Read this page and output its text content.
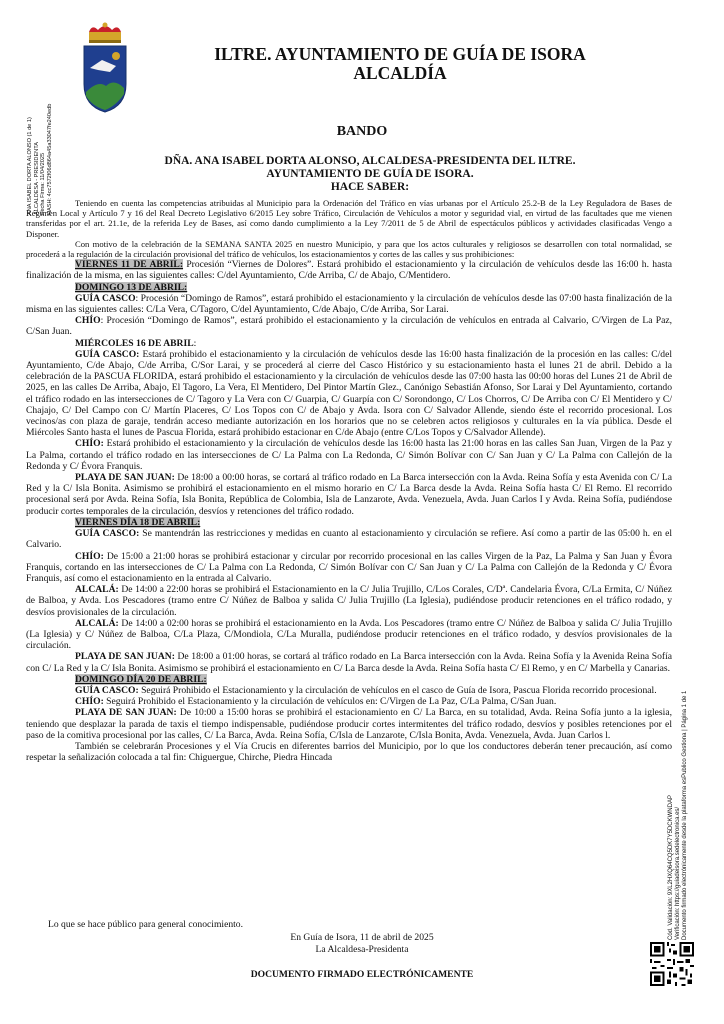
ILTRE. AYUNTAMIENTO DE GUÍA DE ISORA
ALCALDÍA
BANDO
DÑA. ANA ISABEL DORTA ALONSO, ALCALDESA-PRESIDENTA DEL ILTRE.
AYUNTAMIENTO DE GUÍA DE ISORA.
HACE SABER:
ANA ISABEL DORTA ALONSO (1 de 1) ALCALDESA - PRESIDENTA Fecha Firma: 11/04/2025 HASH: 4cc7572f06d864a45a33047fe240edb
Cód. Validación: 9XL2HXQ64CQ5DK7Y5DCKWNDAP Verificación: https://guiadeisora.sedelectronica.es/ Documento firmado electrónicamente desde la plataforma esPublico Gestiona | Página 1 de 1

Teniendo en cuenta las competencias atribuidas al Municipio para la Ordenación del Tráfico en vías urbanas por el Artículo 25.2-B de la Ley Reguladora de Bases de Régimen Local y Artículo 7 y 16 del Real Decreto Legislativo 6/2015 Ley sobre Tráfico, Circulación de Vehículos a motor y seguridad vial, en virtud de las facultades que me vienen transferidas por el art. 21.1e, de la referida Ley de Bases, así como dando cumplimiento a la Ley 7/2011 de 5 de Abril de espectáculos públicos y actividades clasificadas Vengo a Disponer.

Con motivo de la celebración de la SEMANA SANTA 2025 en nuestro Municipio, y para que los actos culturales y religiosos se desarrollen con total normalidad, se procederá a la regulación de la circulación provisional del tráfico de vehículos, los estacionamientos y cortes de las calles y sus prohibiciones:

VIERNES 11 DE ABRIL: Procesión “Viernes de Dolores”. Estará prohibido el estacionamiento y la circulación de vehículos desde las 16:00 h. hasta finalización de la misma, en las siguientes calles: C/del Ayuntamiento, C/de Arriba, C/ de Abajo, C/Mentidero.

DOMINGO 13 DE ABRIL:

GUÍA CASCO: Procesión “Domingo de Ramos”, estará prohibido el estacionamiento y la circulación de vehículos desde las 07:00 hasta finalización de la misma en las siguientes calles: C/La Vera, C/Tagoro, C/del Ayuntamiento, C/de Abajo, C/de Arriba, Sor Larai.

CHÍO: Procesión “Domingo de Ramos”, estará prohibido el estacionamiento y la circulación de vehículos en entrada al Calvario, C/Virgen de La Paz, C/San Juan.

MIÉRCOLES 16 DE ABRIL:

GUÍA CASCO: Estará prohibido el estacionamiento y la circulación de vehículos desde las 16:00 hasta finalización de la procesión en las calles: C/del Ayuntamiento, C/de Abajo, C/de Arriba, C/Sor Larai, y se procederá al cierre del Casco Histórico y su estacionamiento hasta el lunes 21 de abril. Debido a la celebración de la PASCUA FLORIDA, estará prohibido el estacionamiento y la circulación de vehículos desde las 07:00 hasta las 00:00 horas del Lunes 21 de Abril de 2025, en las calles De Arriba, Abajo, El Tagoro, La Vera, El Mentidero, Del Pintor Martín Glez., Canónigo Sebastián Afonso, Sor Larai y Del Ayuntamiento, cortando el tráfico rodado en las intersecciones de C/ Tagoro y La Vera con C/ Guarpia, C/ Guarpía con C/ Sorondongo, C/ Los Chorros, C/ De Arriba con C/ El Mentidero y C/ Chajajo, C/ Del Campo con C/ Martín Placeres, C/ Los Topos con C/ de Abajo y Avda. Isora con C/ Salvador Allende, siendo éste el recorrido procesional. Los vecinos/as con plaza de garaje, tendrán acceso mediante autorización en los horarios que no se celebren actos religiosos y culturales en la vía pública. Desde el Miércoles Santo hasta el lunes de Pascua Florida, estará prohibido estacionar en C/de Abajo (entre C/Los Topos y C/Salvador Allende).

CHÍO: Estará prohibido el estacionamiento y la circulación de vehículos desde las 16:00 hasta las 21:00 horas en las calles San Juan, Virgen de la Paz y La Palma, cortando el tráfico rodado en las intersecciones de C/ La Palma con La Redonda, C/ Simón Bolívar con C/ San Juan y C/ La Palma con Callejón de la Redonda y C/ Évora Franquis.

PLAYA DE SAN JUAN: De 18:00 a 00:00 horas, se cortará al tráfico rodado en La Barca intersección con la Avda. Reina Sofía y esta Avenida con C/ La Red y la C/ Isla Bonita. Asimismo se prohibirá el estacionamiento en el mismo horario en C/ La Barca desde la Avda. Reina Sofía hasta C/ El Remo. El recorrido procesional será por Avda. Reina Sofía, Isla Bonita, República de Colombia, Isla de Lanzarote, Avda. Venezuela, Avda. Juan Carlos I y Avda. Reina Sofía, pudiéndose producir cortes temporales de la circulación, desvíos y retenciones del tráfico rodado.

VIERNES DÍA 18 DE ABRIL:

GUÍA CASCO: Se mantendrán las restricciones y medidas en cuanto al estacionamiento y circulación se refiere. Así como a partir de las 05:00 h. en el Calvario.

CHÍO: De 15:00 a 21:00 horas se prohibirá estacionar y circular por recorrido procesional en las calles Virgen de la Paz, La Palma y San Juan y Évora Franquis, cortando en las intersecciones de C/ La Palma con La Redonda, C/ Simón Bolívar con C/ San Juan y C/ La Palma con Callejón de la Redonda y C/ Évora Franquis, así como el estacionamiento en la entrada al Calvario.

ALCALÁ: De 14:00 a 22:00 horas se prohibirá el Estacionamiento en la C/ Julia Trujillo, C/Los Corales, C/Dª. Candelaria Évora, C/La Ermita, C/ Núñez de Balboa, y Avda. Los Pescadores (tramo entre C/ Núñez de Balboa y salida C/ Julia Trujillo (La Iglesia), pudiéndose producir retenciones en el tráfico rodado, y desvíos provisionales de la circulación.

ALCALÁ: De 14:00 a 02:00 horas se prohibirá el estacionamiento en la Avda. Los Pescadores (tramo entre C/ Núñez de Balboa y salida C/ Julia Trujillo (La Iglesia) y C/ Núñez de Balboa, C/La Plaza, C/Mondiola, C/La Muralla, pudiéndose producir retenciones en el tráfico rodado, y desvíos provisionales de la circulación.

PLAYA DE SAN JUAN: De 18:00 a 01:00 horas, se cortará al tráfico rodado en La Barca intersección con la Avda. Reina Sofía y la Avenida Reina Sofía con C/ La Red y la C/ Isla Bonita. Asimismo se prohibirá el estacionamiento en C/ La Barca desde la Avda. Reina Sofía hasta C/ El Remo, y en C/ Marbella y Canarias.

DOMINGO DÍA 20 DE ABRIL:

GUÍA CASCO: Seguirá Prohibido el Estacionamiento y la circulación de vehículos en el casco de Guía de Isora, Pascua Florida recorrido procesional.

CHÍO: Seguirá Prohibido el Estacionamiento y la circulación de vehículos en: C/Virgen de La Paz, C/La Palma, C/San Juan.

PLAYA DE SAN JUAN: De 10:00 a 15:00 horas se prohibirá el estacionamiento en C/ La Barca, en su totalidad, Avda. Reina Sofía junto a la iglesia, teniendo que desplazar la parada de taxis el tiempo indispensable, pudiéndose producir cortes intermitentes del tráfico rodado, desvíos y posibles retenciones por el paso de la comitiva procesional por las calles, C/ La Barca, Avda. Reina Sofía, C/Isla de Lanzarote, C/Isla Bonita, Avda. Venezuela, Avda. Juan Carlos l.

También se celebrarán Procesiones y el Vía Crucis en diferentes barrios del Municipio, por lo que los conductores deberán tener precaución, así como respetar la señalización colocada a tal fin: Chiguergue, Chirche, Piedra Hincada

Lo que se hace público para general conocimiento.
En Guía de Isora, 11 de abril de 2025
La Alcaldesa-Presidenta
DOCUMENTO FIRMADO ELECTRÓNICAMENTE
